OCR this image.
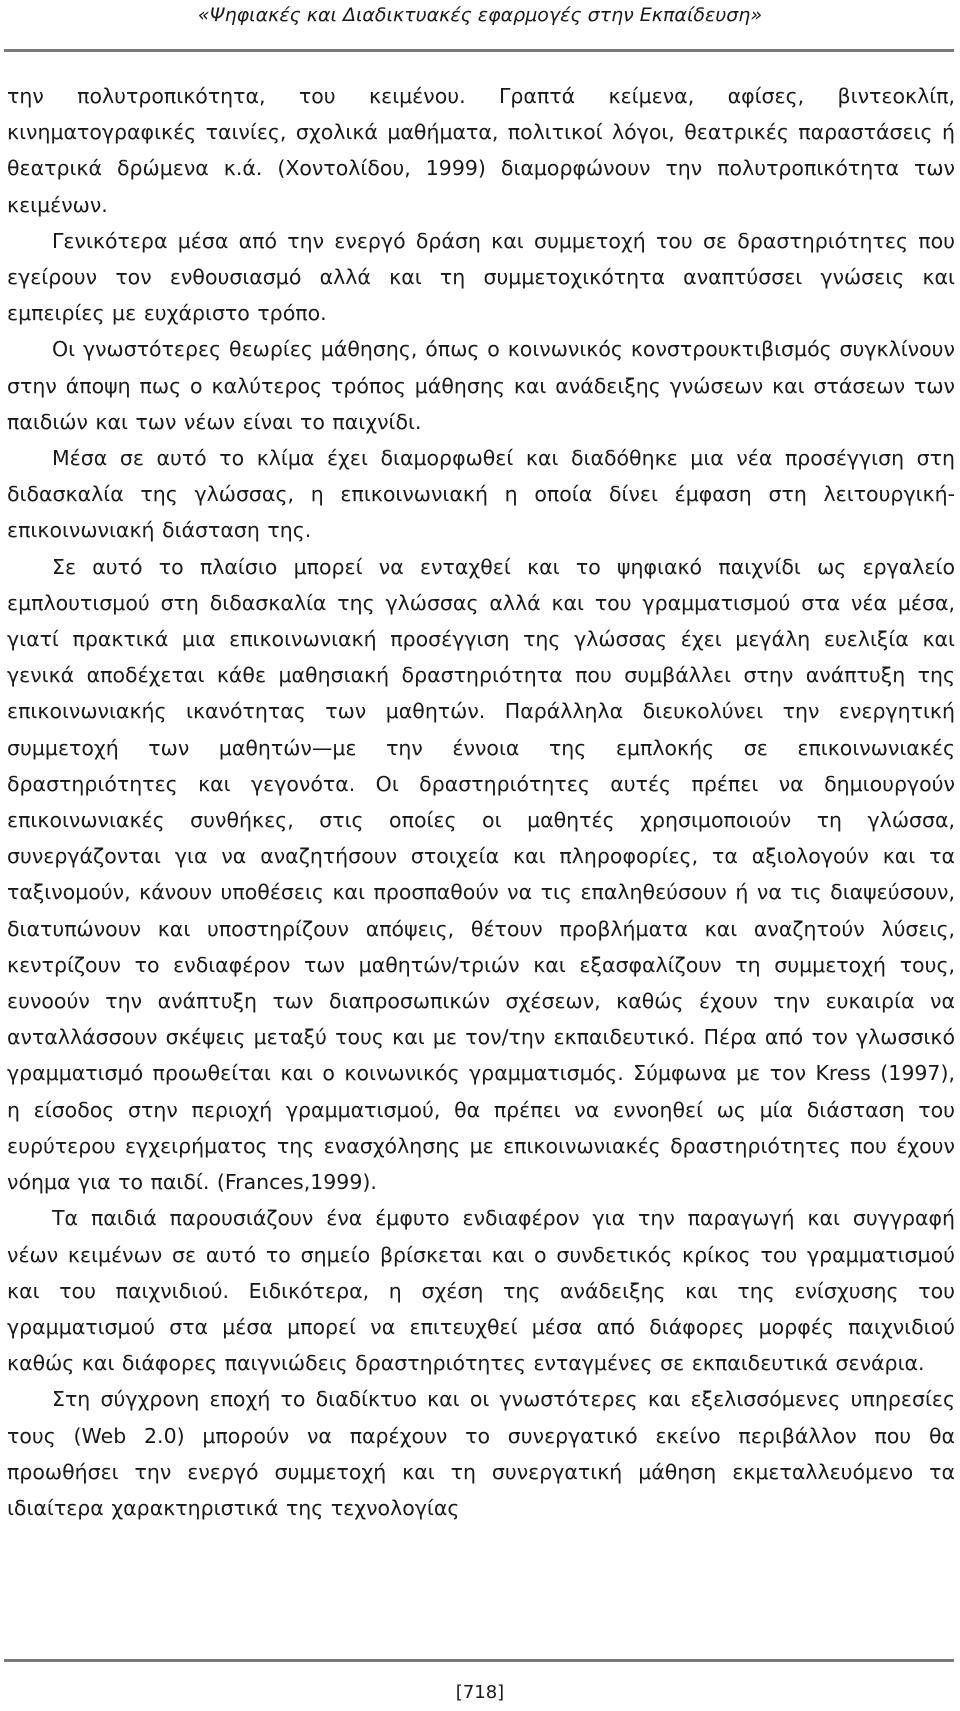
«Ψηφιακές και Διαδικτυακές εφαρμογές στην Εκπαίδευση»

την πολυτροπικότητα, του κειμένου. Γραπτά κείμενα, αφίσες, βιντεοκλίπ, κινηματογραφικές ταινίες, σχολικά μαθήματα, πολιτικοί λόγοι, θεατρικές παραστάσεις ή θεατρικά δρώμενα κ.ά. (Χοντολίδου, 1999) διαμορφώνουν την πολυτροπικότητα των κειμένων.

Γενικότερα μέσα από την ενεργό δράση και συμμετοχή του σε δραστηριότητες που εγείρουν τον ενθουσιασμό αλλά και τη συμμετοχικότητα αναπτύσσει γνώσεις και εμπειρίες με ευχάριστο τρόπο.

Οι γνωστότερες θεωρίες μάθησης, όπως ο κοινωνικός κονστρουκτιβισμός συγκλίνουν στην άποψη πως ο καλύτερος τρόπος μάθησης και ανάδειξης γνώσεων και στάσεων των παιδιών και των νέων είναι το παιχνίδι.

Μέσα σε αυτό το κλίμα έχει διαμορφωθεί και διαδόθηκε μια νέα προσέγγιση στη διδασκαλία της γλώσσας, η επικοινωνιακή η οποία δίνει έμφαση στη λειτουργική-επικοινωνιακή διάσταση της.

Σε αυτό το πλαίσιο μπορεί να ενταχθεί και το ψηφιακό παιχνίδι ως εργαλείο εμπλουτισμού στη διδασκαλία της γλώσσας αλλά και του γραμματισμού στα νέα μέσα, γιατί πρακτικά μια επικοινωνιακή προσέγγιση της γλώσσας έχει μεγάλη ευελιξία και γενικά αποδέχεται κάθε μαθησιακή δραστηριότητα που συμβάλλει στην ανάπτυξη της επικοινωνιακής ικανότητας των μαθητών. Παράλληλα διευκολύνει την ενεργητική συμμετοχή των μαθητών—με την έννοια της εμπλοκής σε επικοινωνιακές δραστηριότητες και γεγονότα. Οι δραστηριότητες αυτές πρέπει να δημιουργούν επικοινωνιακές συνθήκες, στις οποίες οι μαθητές χρησιμοποιούν τη γλώσσα, συνεργάζονται για να αναζητήσουν στοιχεία και πληροφορίες, τα αξιολογούν και τα ταξινομούν, κάνουν υποθέσεις και προσπαθούν να τις επαληθεύσουν ή να τις διαψεύσουν, διατυπώνουν και υποστηρίζουν απόψεις, θέτουν προβλήματα και αναζητούν λύσεις, κεντρίζουν το ενδιαφέρον των μαθητών/τριών και εξασφαλίζουν τη συμμετοχή τους, ευνοούν την ανάπτυξη των διαπροσωπικών σχέσεων, καθώς έχουν την ευκαιρία να ανταλλάσσουν σκέψεις μεταξύ τους και με τον/την εκπαιδευτικό. Πέρα από τον γλωσσικό γραμματισμό προωθείται και ο κοινωνικός γραμματισμός. Σύμφωνα με τον Kress (1997), η είσοδος στην περιοχή γραμματισμού, θα πρέπει να εννοηθεί ως μία διάσταση του ευρύτερου εγχειρήματος της ενασχόλησης με επικοινωνιακές δραστηριότητες που έχουν νόημα για το παιδί. (Frances,1999).

Τα παιδιά παρουσιάζουν ένα έμφυτο ενδιαφέρον για την παραγωγή και συγγραφή νέων κειμένων σε αυτό το σημείο βρίσκεται και ο συνδετικός κρίκος του γραμματισμού και του παιχνιδιού. Ειδικότερα, η σχέση της ανάδειξης και της ενίσχυσης του γραμματισμού στα μέσα μπορεί να επιτευχθεί μέσα από διάφορες μορφές παιχνιδιού καθώς και διάφορες παιγνιώδεις δραστηριότητες ενταγμένες σε εκπαιδευτικά σενάρια.

Στη σύγχρονη εποχή το διαδίκτυο και οι γνωστότερες και εξελισσόμενες υπηρεσίες τους (Web 2.0) μπορούν να παρέχουν το συνεργατικό εκείνο περιβάλλον που θα προωθήσει την ενεργό συμμετοχή και τη συνεργατική μάθηση εκμεταλλευόμενο τα ιδιαίτερα χαρακτηριστικά της τεχνολογίας

[718]
